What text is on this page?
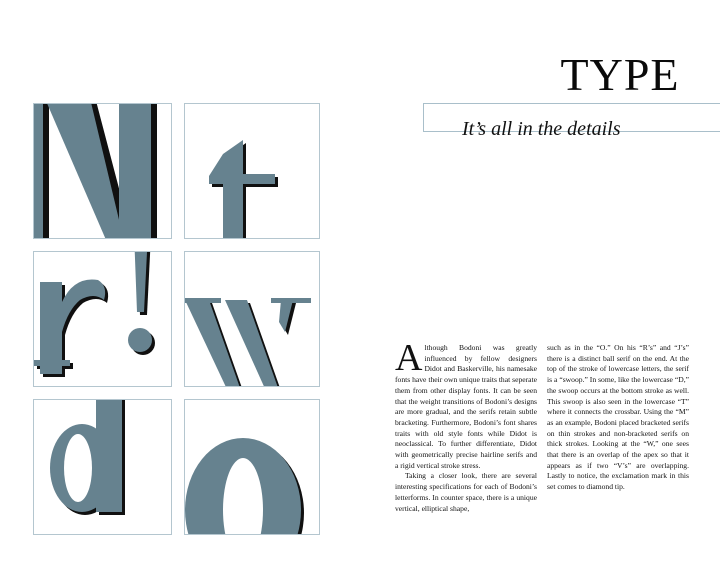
TYPE
It’s all in the details

Although Bodoni was greatly influenced by fellow designers Didot and Baskerville, his namesake fonts have their own unique traits that seperate them from other display fonts. It can be seen that the weight transitions of Bodoni’s designs are more gradual, and the serifs retain subtle bracketing. Furthermore, Bodoni’s font shares traits with old style fonts while Didot is neoclassical. To further differentiate, Didot with geometrically precise hairline serifs and a rigid vertical stroke stress.

Taking a closer look, there are several interesting specifications for each of Bodoni’s letterforms. In counter space, there is a unique vertical, elliptical shape,

such as in the “O.” On his “R’s” and “J’s” there is a distinct ball serif on the end. At the top of the stroke of lowercase letters, the serif is a “swoop.” In some, like the lowercase “D,” the swoop occurs at the bottom stroke as well. This swoop is also seen in the lowercase “T” where it connects the crossbar. Using the “M” as an example, Bodoni placed bracketed serifs on thin strokes and non-bracketed serifs on thick strokes. Looking at the “W,” one sees that there is an overlap of the apex so that it appears as if two “V’s” are overlapping. Lastly to notice, the exclamation mark in this set comes to diamond tip.
